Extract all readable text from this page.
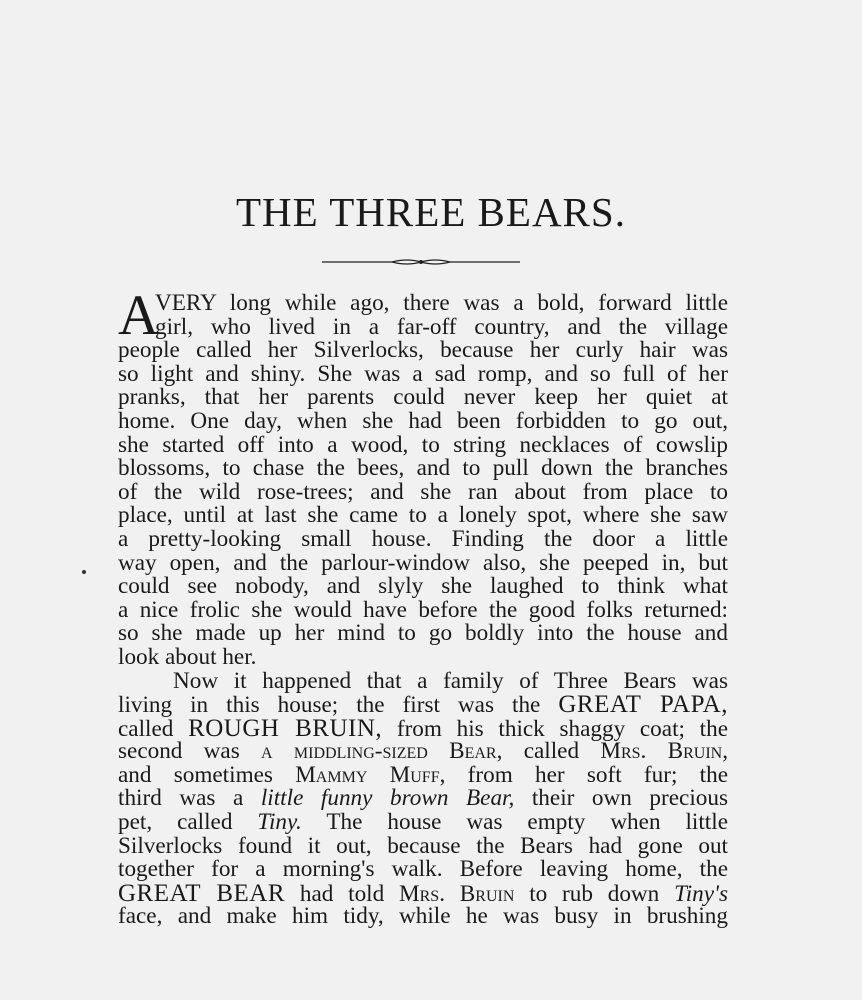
THE THREE BEARS.
A
VERY long while ago, there was a bold, forward little
girl, who lived in a far-off country, and the village
people called her Silverlocks, because her curly hair was
so light and shiny. She was a sad romp, and so full of her
pranks, that her parents could never keep her quiet at
home. One day, when she had been forbidden to go out,
she started off into a wood, to string necklaces of cowslip
blossoms, to chase the bees, and to pull down the branches
of the wild rose-trees; and she ran about from place to
place, until at last she came to a lonely spot, where she saw
a pretty-looking small house. Finding the door a little
way open, and the parlour-window also, she peeped in, but
could see nobody, and slyly she laughed to think what
a nice frolic she would have before the good folks returned:
so she made up her mind to go boldly into the house and
look about her.
Now it happened that a family of Three Bears was
living in this house; the first was the GREAT PAPA,
called ROUGH BRUIN, from his thick shaggy coat; the
second was a middling-sized Bear, called Mrs. Bruin,
and sometimes Mammy Muff, from her soft fur; the
third was a little funny brown Bear, their own precious
pet, called Tiny. The house was empty when little
Silverlocks found it out, because the Bears had gone out
together for a morning's walk. Before leaving home, the
GREAT BEAR had told Mrs. Bruin to rub down Tiny's
face, and make him tidy, while he was busy in brushing
